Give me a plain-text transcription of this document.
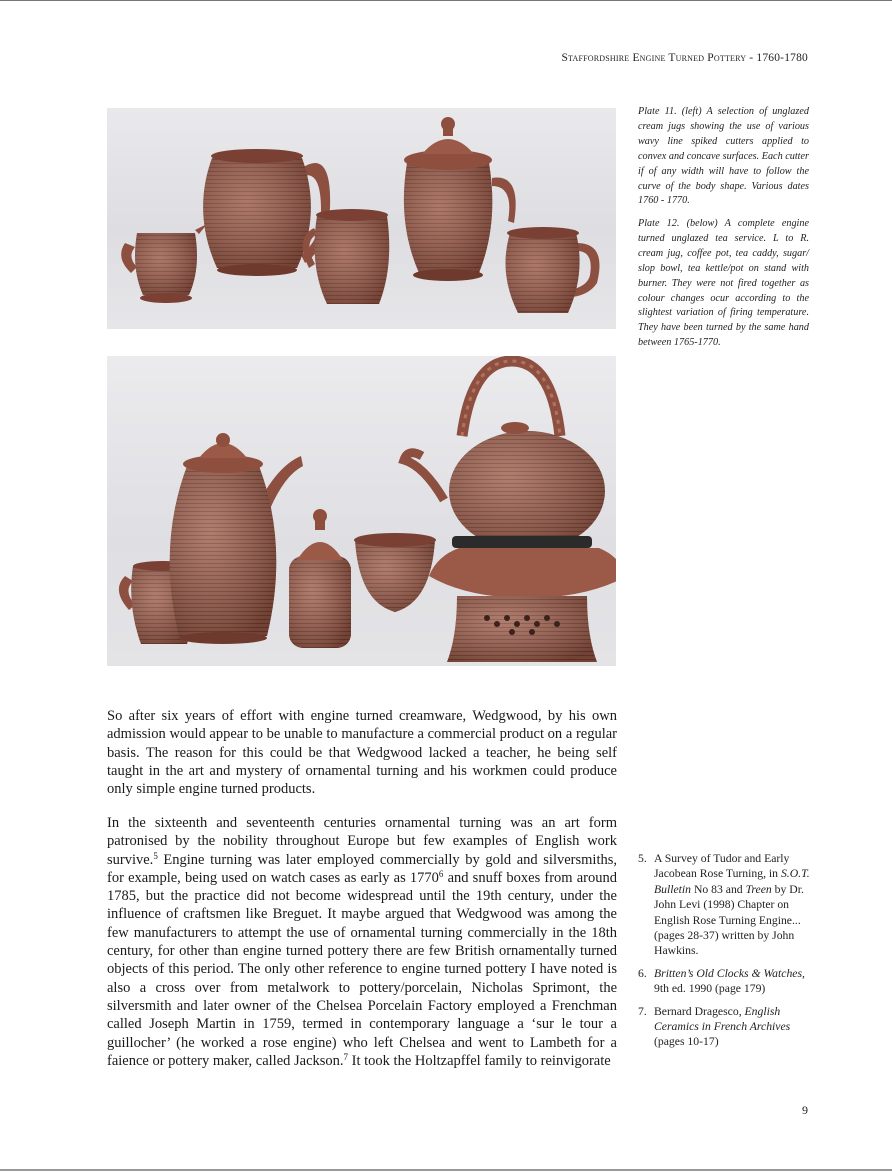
Staffordshire Engine Turned Pottery - 1760-1780
Plate 11. (left) A selection of unglazed cream jugs showing the use of various wavy line spiked cutters applied to convex and concave surfaces. Each cutter if of any width will have to follow the curve of the body shape. Various dates 1760 - 1770.
Plate 12. (below) A complete engine turned unglazed tea service. L to R. cream jug, coffee pot, tea caddy, sugar/ slop bowl, tea kettle/pot on stand with burner. They were not fired together as colour changes ocur according to the slightest variation of firing temperature. They have been turned by the same hand between 1765-1770.
So after six years of effort with engine turned creamware, Wedgwood, by his own admission would appear to be unable to manufacture a commercial product on a regular basis. The reason for this could be that Wedgwood lacked a teacher, he being self taught in the art and mystery of ornamental turning and his workmen could produce only simple engine turned products.
In the sixteenth and seventeenth centuries ornamental turning was an art form patronised by the nobility throughout Europe but few examples of English work survive.$^5$ Engine turning was later employed commercially by gold and silversmiths, for example, being used on watch cases as early as 1770$^6$ and snuff boxes from around 1785, but the practice did not become widespread until the 19th century, under the influence of craftsmen like Breguet. It maybe argued that Wedgwood was among the few manufacturers to attempt the use of ornamental turning commercially in the 18th century, for other than engine turned pottery there are few British ornamentally turned objects of this period. The only other reference to engine turned pottery I have noted is also a cross over from metalwork to pottery/porcelain, Nicholas Sprimont, the silversmith and later owner of the Chelsea Porcelain Factory employed a Frenchman called Joseph Martin in 1759, termed in contemporary language a ‘sur le tour a guillocher’ (he worked a rose engine) who left Chelsea and went to Lambeth for a faience or pottery maker, called Jackson.$^7$ It took the Holtzapffel family to reinvigorate
5. A Survey of Tudor and Early Jacobean Rose Turning, in S.O.T. Bulletin No 83 and Treen by Dr. John Levi (1998) Chapter on English Rose Turning Engine... (pages 28-37) written by John Hawkins.
6. Britten’s Old Clocks & Watches, 9th ed. 1990 (page 179)
7. Bernard Dragesco, English Ceramics in French Archives (pages 10-17)
9
